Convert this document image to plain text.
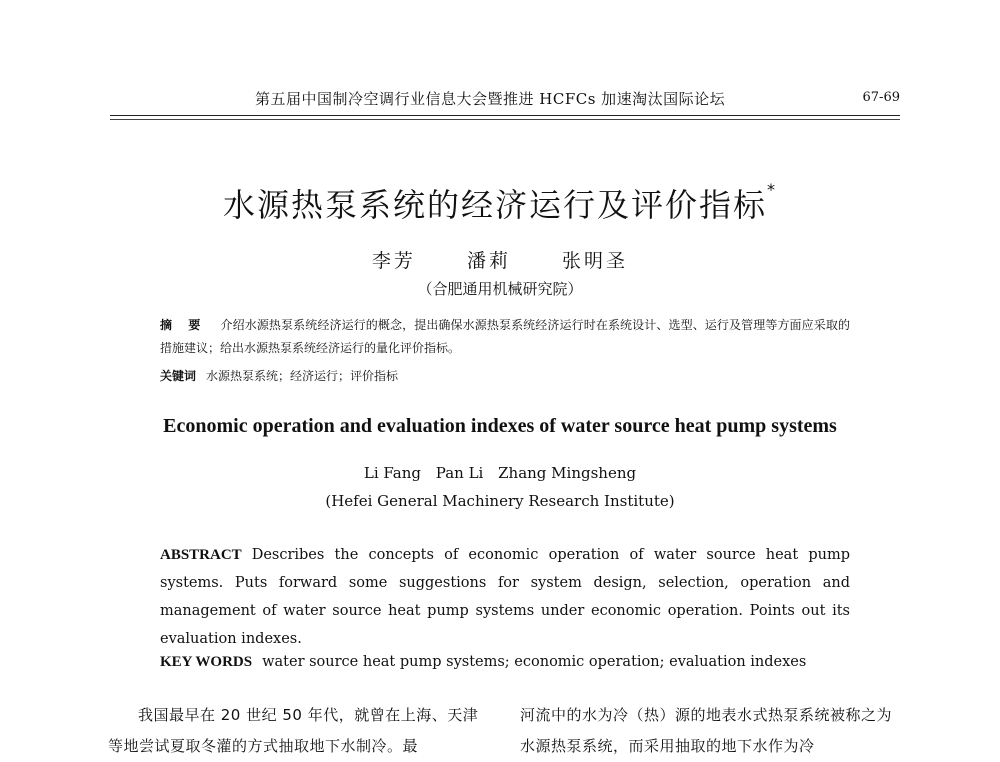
第五届中国制冷空调行业信息大会暨推进 HCFCs 加速淘汰国际论坛	67-69
水源热泵系统的经济运行及评价指标*
李芳	潘莉	张明圣
（合肥通用机械研究院）
摘 要 介绍水源热泵系统经济运行的概念，提出确保水源热泵系统经济运行时在系统设计、选型、运行及管理等方面应采取的措施建议；给出水源热泵系统经济运行的量化评价指标。
关键词 水源热泵系统；经济运行；评价指标
Economic operation and evaluation indexes of water source heat pump systems
Li Fang Pan Li Zhang Mingsheng
(Hefei General Machinery Research Institute)
ABSTRACT Describes the concepts of economic operation of water source heat pump systems. Puts forward some suggestions for system design, selection, operation and management of water source heat pump systems under economic operation. Points out its evaluation indexes.
KEY WORDS water source heat pump systems; economic operation; evaluation indexes
我国最早在 20 世纪 50 年代，就曾在上海、天津等地尝试夏取冬灌的方式抽取地下水制冷。最
河流中的水为冷（热）源的地表水式热泵系统被称之为水源热泵系统，而采用抽取的地下水作为冷
